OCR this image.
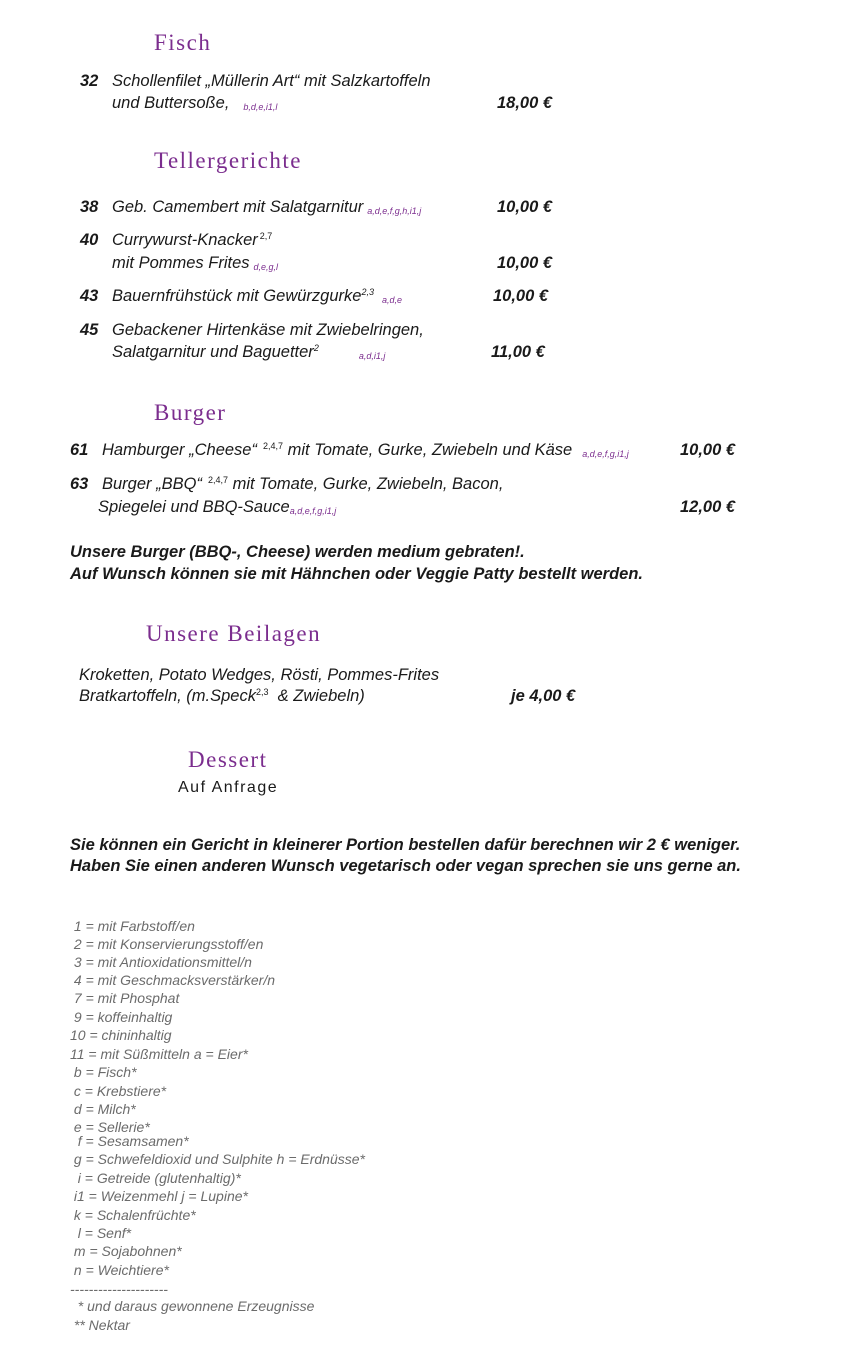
Fisch
32 Schollenfilet „Müllerin Art“ mit Salzkartoffeln
und Buttersoße, b,d,e,i1,l	18,00 €
Tellergerichte
38 Geb. Camembert mit Salatgarnitur a,d,e,f,g,h,i1,j	10,00 €
40 Currywurst-Knacker $^{2,7}$
mit Pommes Frites d,e,g,l	10,00 €
43 Bauernfrühstück mit Gewürzgurke$^{2,3}$a,d,e	10,00 €
45 Gebackener Hirtenkäse mit Zwiebelringen,
Salatgarnitur und Baguetter$^2$a,d,i1,j	11,00 €
Burger
61 Hamburger „Cheese“ $^{2,4,7}$ mit Tomate, Gurke, Zwiebeln und Käse a,d,e,f,g,i1,j	10,00 €
63 Burger „BBQ“ $^{2,4,7}$ mit Tomate, Gurke, Zwiebeln, Bacon,
Spiegelei und BBQ-Saucea,d,e,f,g,i1,j	12,00 €
Unsere Burger (BBQ-, Cheese) werden medium gebraten!.
Auf Wunsch können sie mit Hähnchen oder Veggie Patty bestellt werden.
Unsere Beilagen
Kroketten, Potato Wedges, Rösti, Pommes-Frites
Bratkartoffeln, (m.Speck$^{2,3}$ & Zwiebeln)	je 4,00 €
Dessert
Auf Anfrage
Sie können ein Gericht in kleinerer Portion bestellen dafür berechnen wir 2 € weniger.
Haben Sie einen anderen Wunsch vegetarisch oder vegan sprechen sie uns gerne an.
1 = mit Farbstoff/en
2 = mit Konservierungsstoff/en
3 = mit Antioxidationsmittel/n
4 = mit Geschmacksverstärker/n
7 = mit Phosphat
9 = koffeinhaltig
10 = chininhaltig
11 = mit Süßmitteln a = Eier*
b = Fisch*
c = Krebstiere*
d = Milch*
e = Sellerie*
f = Sesamsamen*
g = Schwefeldioxid und Sulphite h = Erdnüsse*
i = Getreide (glutenhaltig)*
i1 = Weizenmehl j = Lupine*
k = Schalenfrüchte*
l = Senf*
m = Sojabohnen*
n = Weichtiere*
---------------------
* und daraus gewonnene Erzeugnisse
** Nektar
